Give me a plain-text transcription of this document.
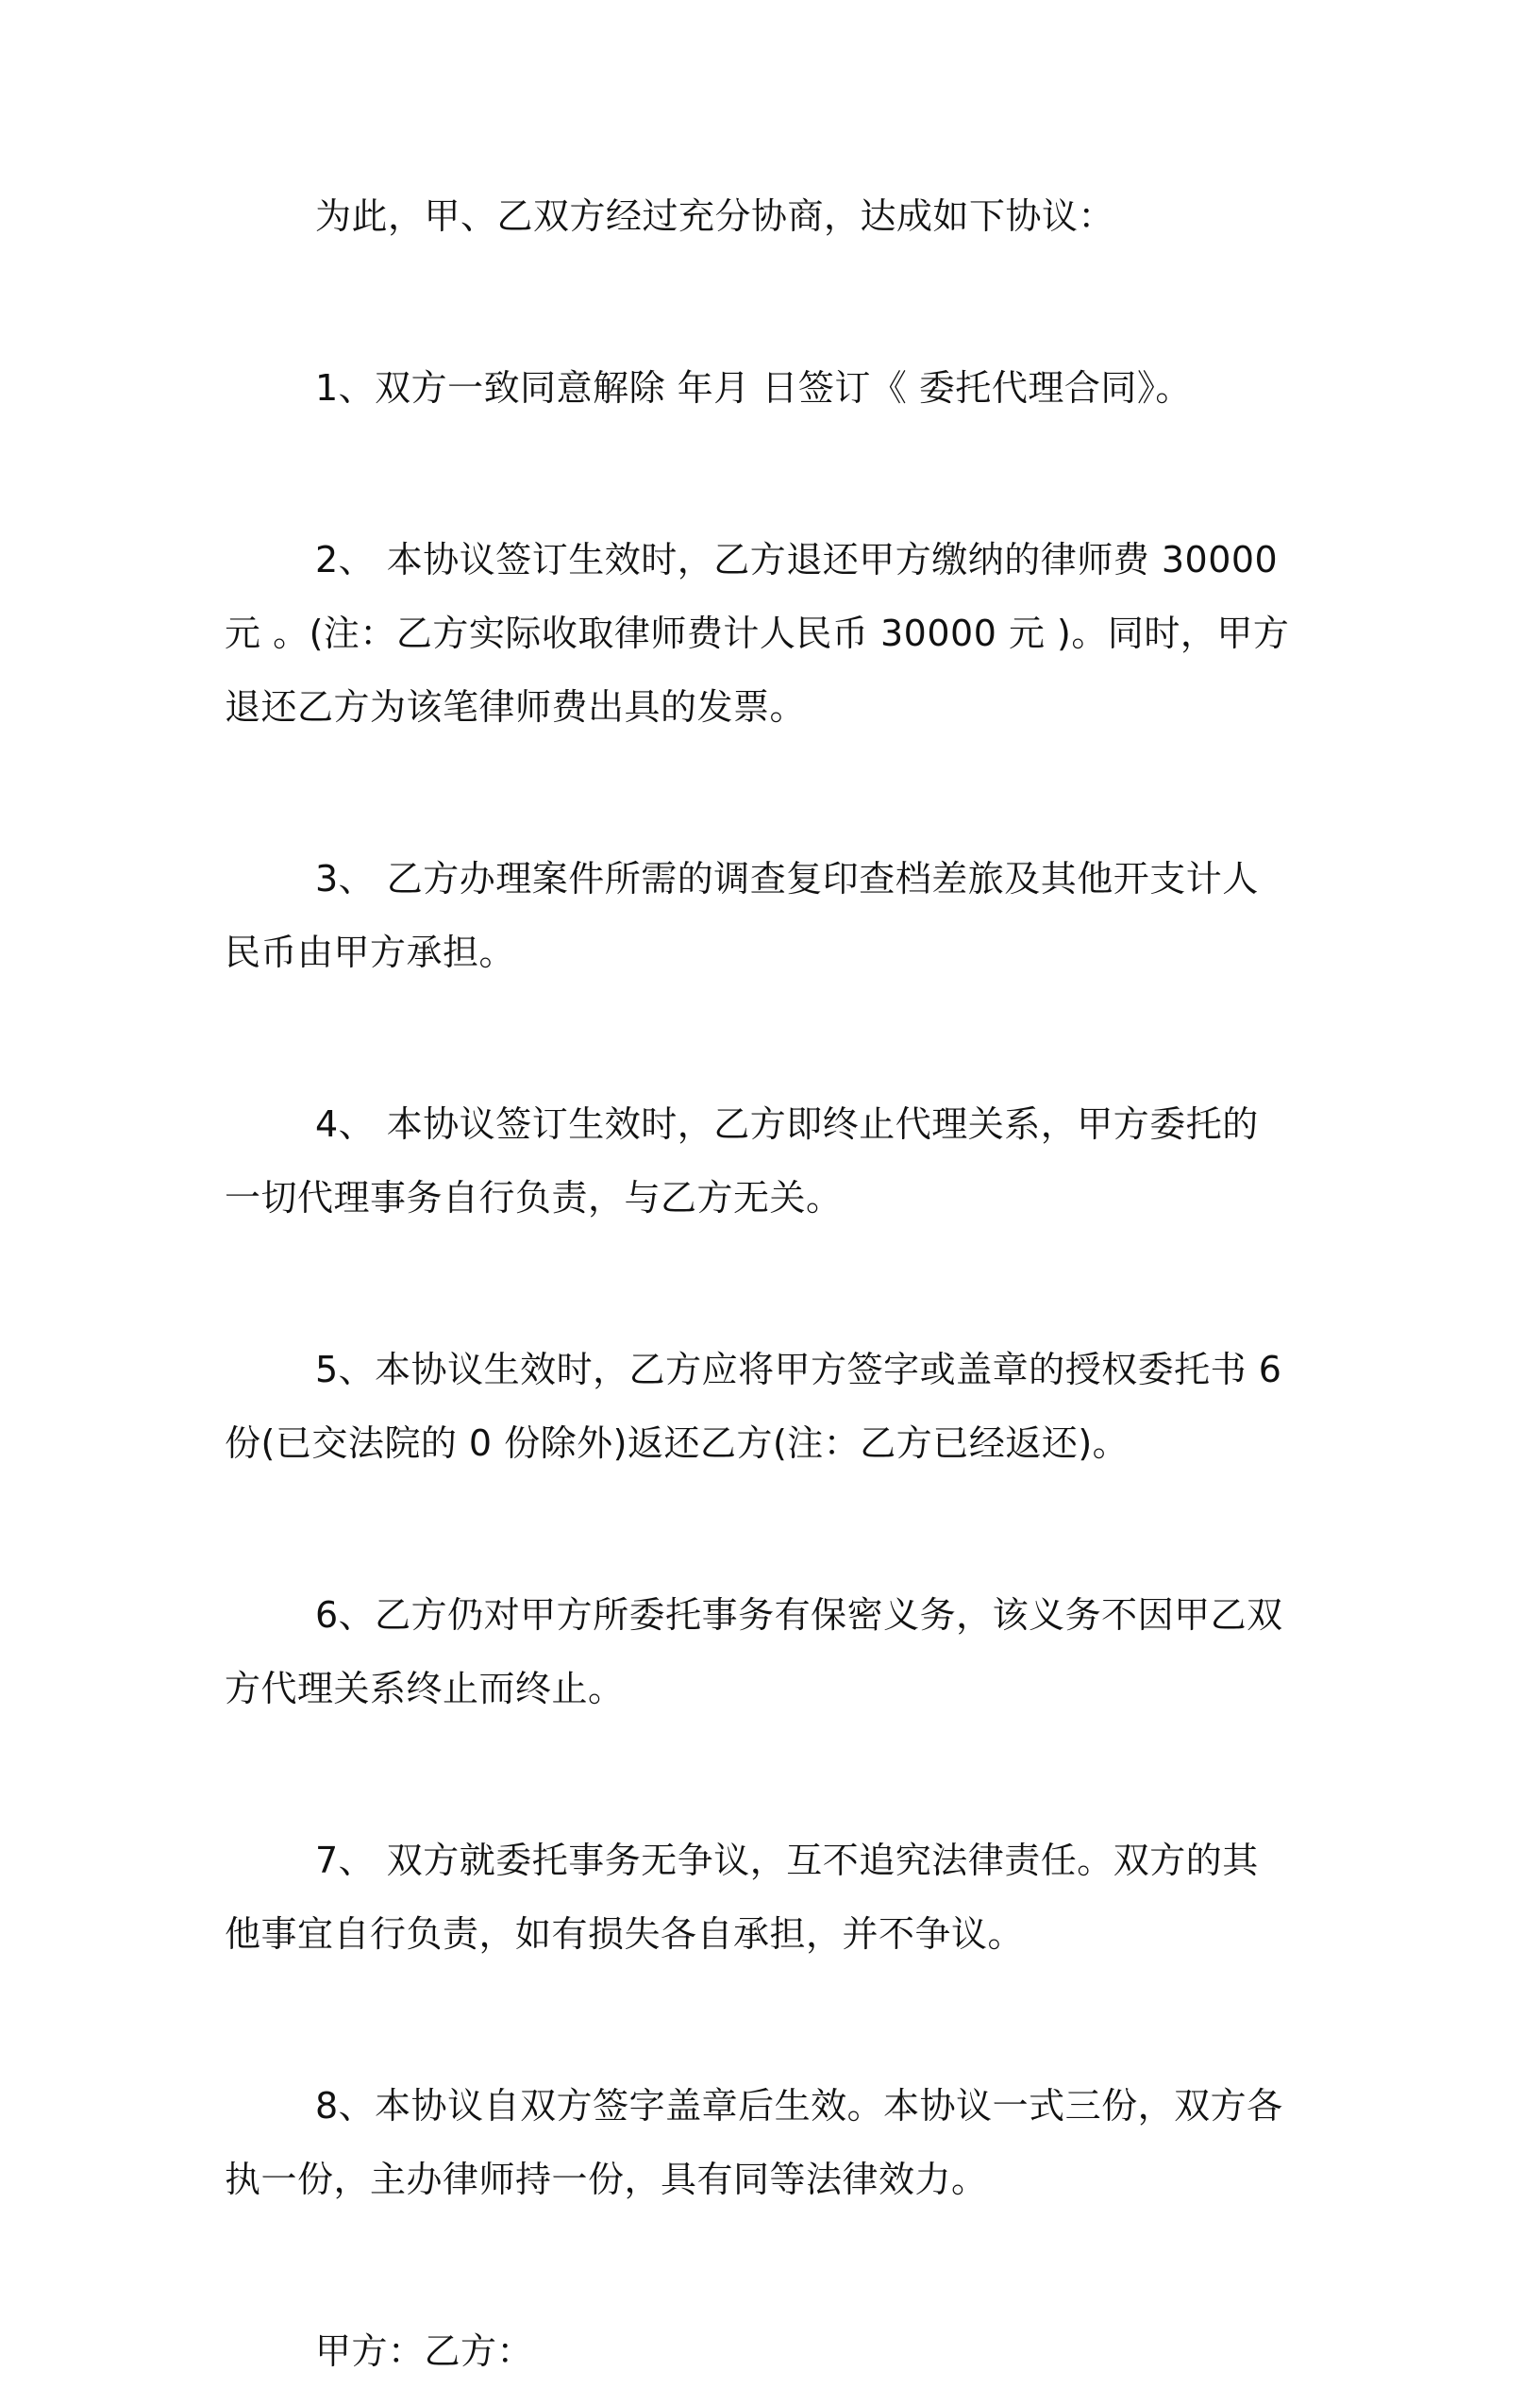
为此，甲、乙双方经过充分协商，达成如下协议：

1、双方一致同意解除 年月 日签订《 委托代理合同》。

2、 本协议签订生效时，乙方退还甲方缴纳的律师费 30000 元 。(注：乙方实际收取律师费计人民币 30000 元 )。同时，甲方退还乙方为该笔律师费出具的发票。

3、 乙方办理案件所需的调查复印查档差旅及其他开支计人民币由甲方承担。

4、 本协议签订生效时，乙方即终止代理关系，甲方委托的一切代理事务自行负责，与乙方无关。

5、本协议生效时，乙方应将甲方签字或盖章的授权委托书 6 份(已交法院的 0 份除外)返还乙方(注：乙方已经返还)。

6、乙方仍对甲方所委托事务有保密义务，该义务不因甲乙双方代理关系终止而终止。

7、 双方就委托事务无争议，互不追究法律责任。双方的其他事宜自行负责，如有损失各自承担，并不争议。

8、本协议自双方签字盖章后生效。本协议一式三份，双方各执一份，主办律师持一份，具有同等法律效力。

甲方：乙方：
